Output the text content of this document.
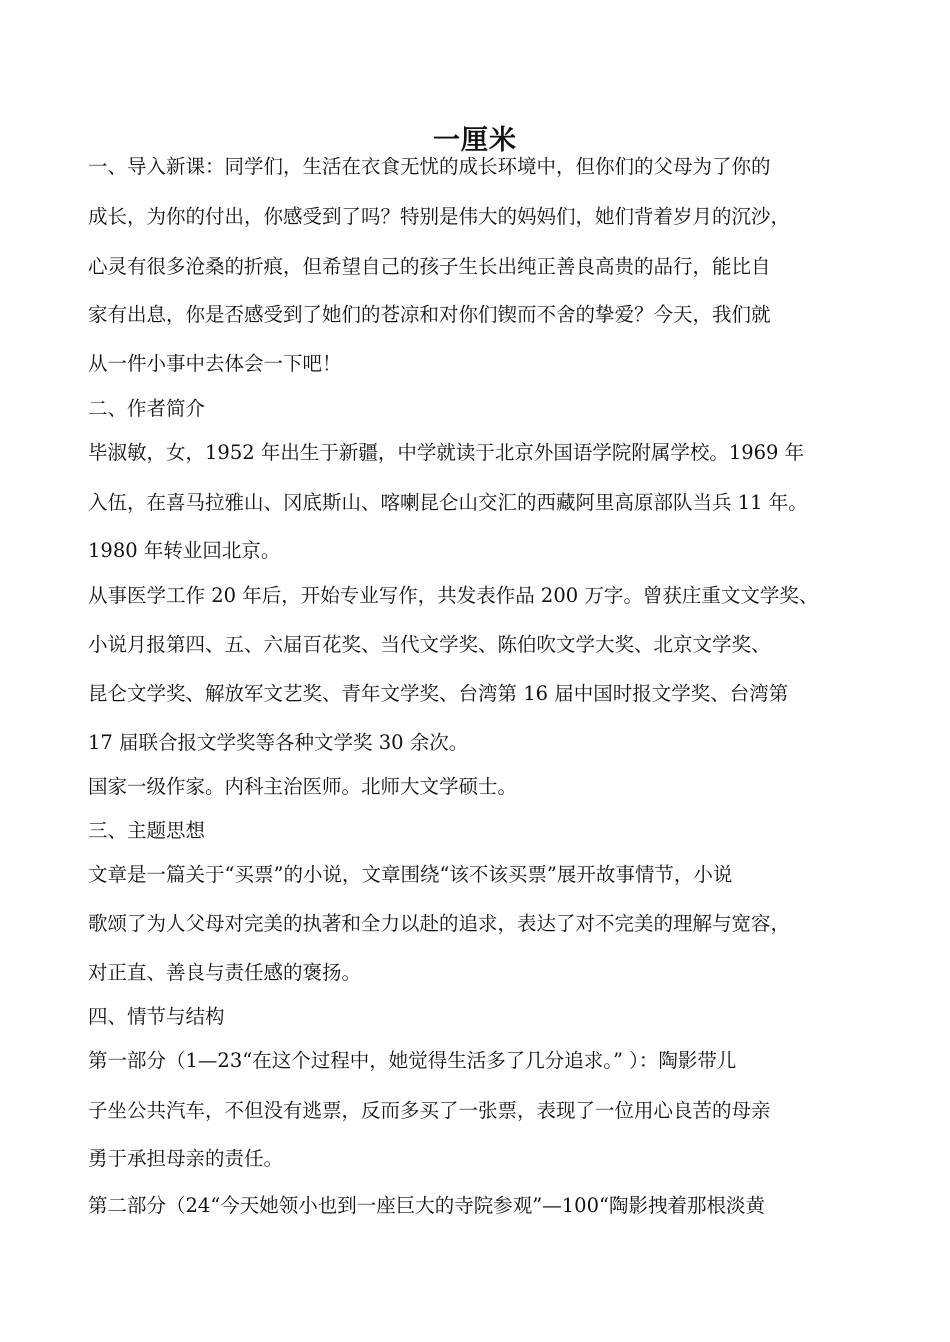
一厘米
一、导入新课：同学们，生活在衣食无忧的成长环境中，但你们的父母为了你的
成长，为你的付出，你感受到了吗？特别是伟大的妈妈们，她们背着岁月的沉沙，
心灵有很多沧桑的折痕，但希望自己的孩子生长出纯正善良高贵的品行，能比自
家有出息，你是否感受到了她们的苍凉和对你们锲而不舍的挚爱？今天，我们就
从一件小事中去体会一下吧！
二、作者简介
毕淑敏，女，1952 年出生于新疆，中学就读于北京外国语学院附属学校。1969 年
入伍，在喜马拉雅山、冈底斯山、喀喇昆仑山交汇的西藏阿里高原部队当兵 11 年。
1980 年转业回北京。
从事医学工作 20 年后，开始专业写作，共发表作品 200 万字。曾获庄重文文学奖、
小说月报第四、五、六届百花奖、当代文学奖、陈伯吹文学大奖、北京文学奖、
昆仑文学奖、解放军文艺奖、青年文学奖、台湾第 16 届中国时报文学奖、台湾第
17 届联合报文学奖等各种文学奖 30 余次。
国家一级作家。内科主治医师。北师大文学硕士。
三、主题思想
文章是一篇关于“买票”的小说，文章围绕“该不该买票”展开故事情节，小说
歌颂了为人父母对完美的执著和全力以赴的追求，表达了对不完美的理解与宽容，
对正直、善良与责任感的褒扬。
四、情节与结构
第一部分（1—23“在这个过程中，她觉得生活多了几分追求。” ）：陶影带儿
子坐公共汽车，不但没有逃票，反而多买了一张票，表现了一位用心良苦的母亲
勇于承担母亲的责任。
第二部分（24“今天她领小也到一座巨大的寺院参观”—100“陶影拽着那根淡黄
